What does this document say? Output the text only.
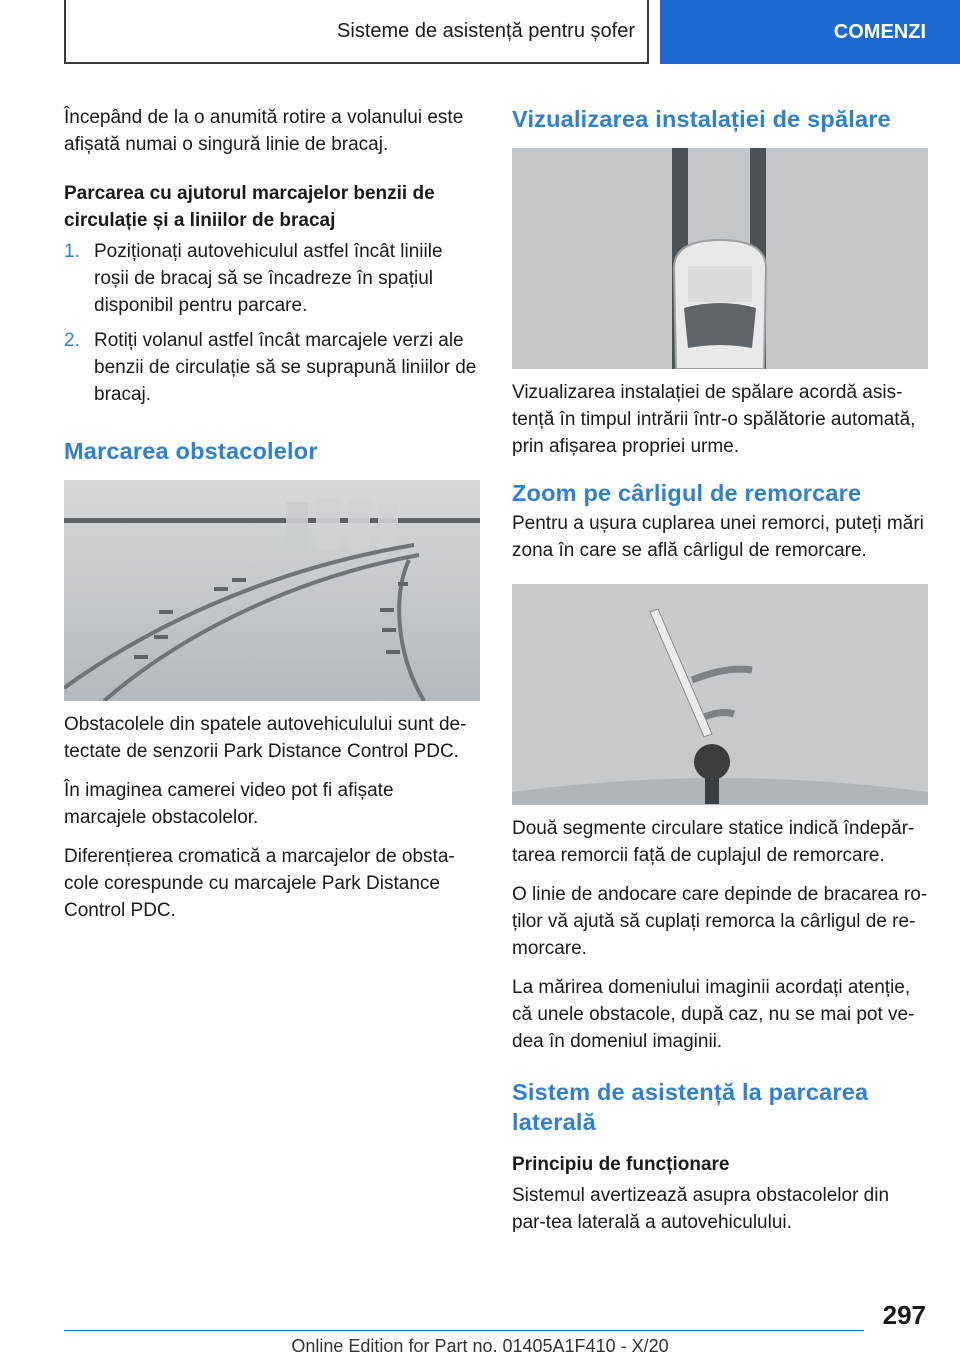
Sisteme de asistență pentru șofer	COMENZI

Începând de la o anumită rotire a volanului este afișată numai o singură linie de bracaj.

Parcarea cu ajutorul marcajelor benzii de circulație și a liniilor de bracaj
1. Poziționați autovehiculul astfel încât liniile roșii de bracaj să se încadreze în spațiul disponibil pentru parcare.
2. Rotiți volanul astfel încât marcajele verzi ale benzii de circulație să se suprapună liniilor de bracaj.
Marcarea obstacolelor

Obstacolele din spatele autovehiculului sunt de-tectate de senzorii Park Distance Control PDC.

În imaginea camerei video pot fi afișate marcajele obstacolelor.

Diferențierea cromatică a marcajelor de obsta-cole corespunde cu marcajele Park Distance Control PDC.

Vizualizarea instalației de spălare

Vizualizarea instalației de spălare acordă asis-tență în timpul intrării într-o spălătorie automată, prin afișarea propriei urme.

Zoom pe cârligul de remorcare

Pentru a ușura cuplarea unei remorci, puteți mări zona în care se află cârligul de remorcare.

Două segmente circulare statice indică îndepăr-tarea remorcii față de cuplajul de remorcare.

O linie de andocare care depinde de bracarea ro-ților vă ajută să cuplați remorca la cârligul de re-morcare.

La mărirea domeniului imaginii acordați atenție, că unele obstacole, după caz, nu se mai pot ve-dea în domeniul imaginii.

Sistem de asistență la parcarea laterală
Principiu de funcționare

Sistemul avertizează asupra obstacolelor din par-tea laterală a autovehiculului.

297
Online Edition for Part no. 01405A1F410 - X/20
